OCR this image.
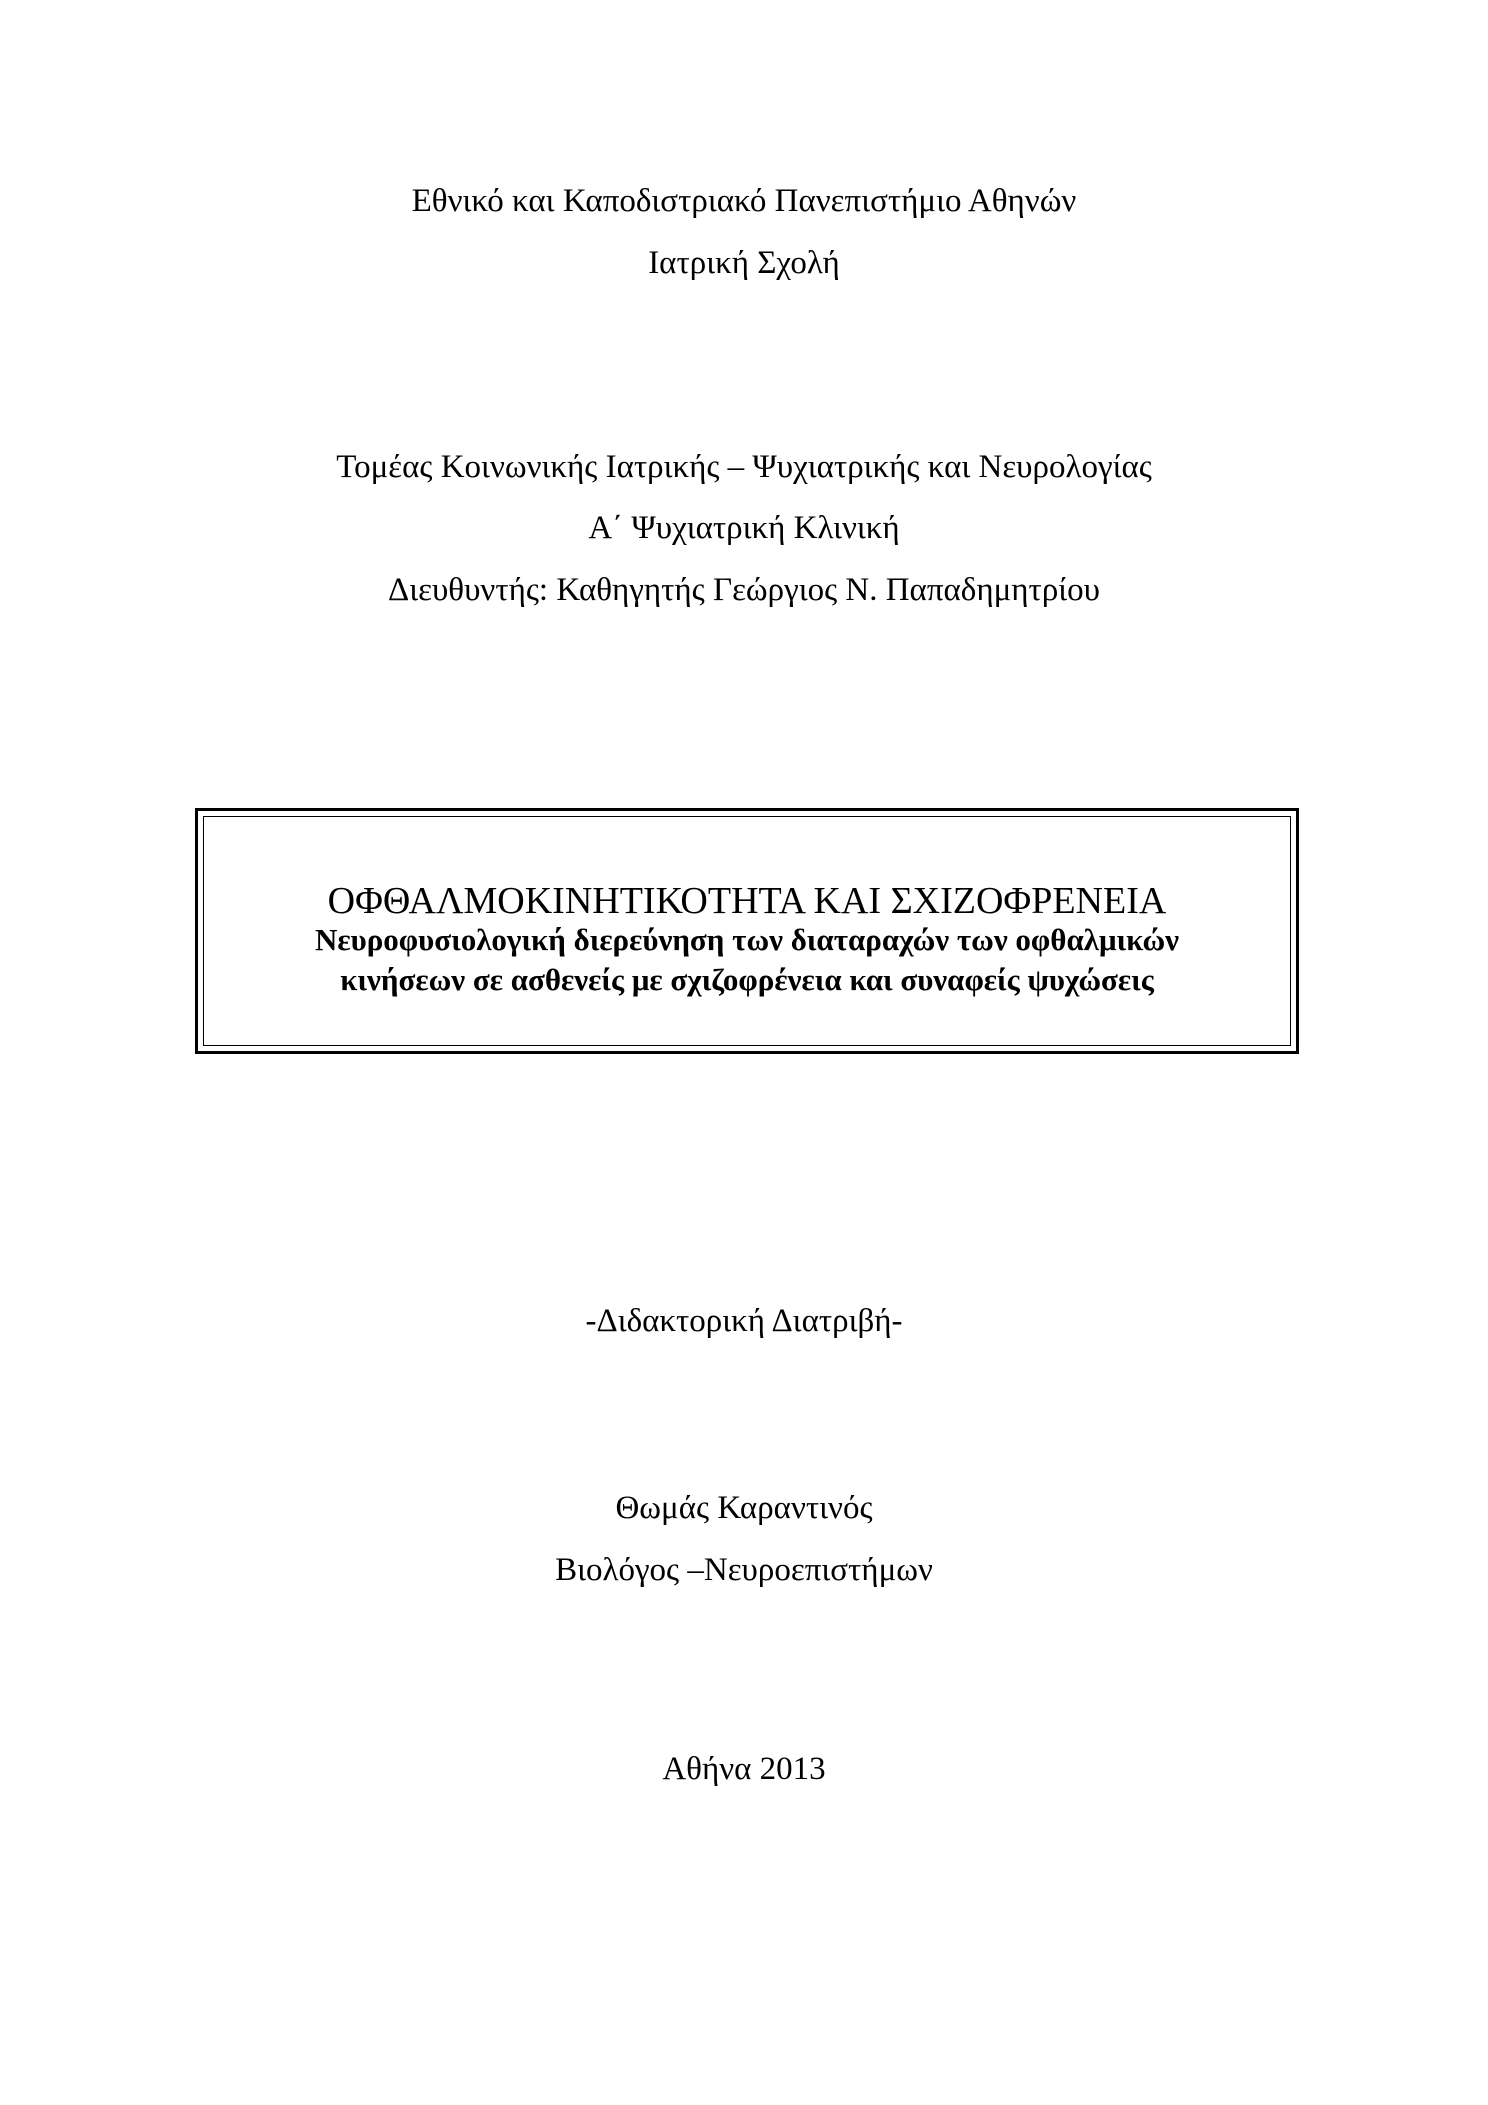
Εθνικό και Καποδιστριακό Πανεπιστήμιο Αθηνών
Ιατρική Σχολή
Τομέας Κοινωνικής Ιατρικής – Ψυχιατρικής και Νευρολογίας
Α΄ Ψυχιατρική Κλινική
Διευθυντής: Καθηγητής Γεώργιος Ν. Παπαδημητρίου
ΟΦΘΑΛΜΟΚΙΝΗΤΙΚΟΤΗΤΑ ΚΑΙ ΣΧΙΖΟΦΡΕΝΕΙΑ
Νευροφυσιολογική διερεύνηση των διαταραχών των οφθαλμικών
κινήσεων σε ασθενείς με σχιζοφρένεια και συναφείς ψυχώσεις
-Διδακτορική Διατριβή-
Θωμάς Καραντινός
Βιολόγος –Νευροεπιστήμων
Αθήνα 2013
